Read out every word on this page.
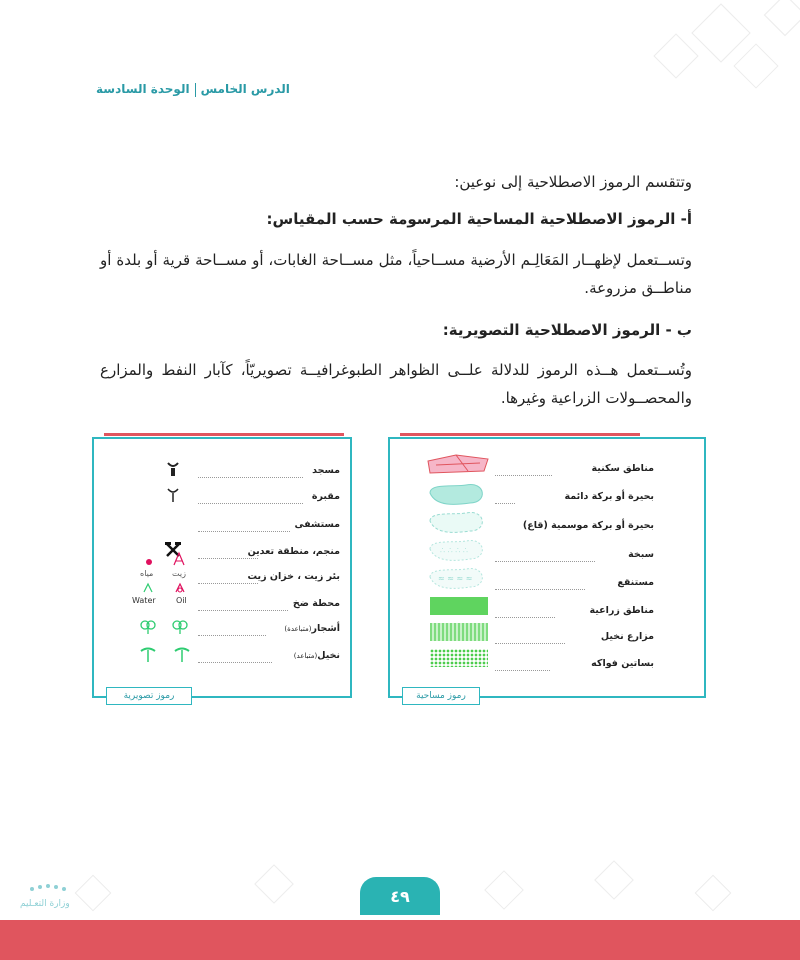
الدرس الخامسالوحدة السادسة
وتتقسم الرموز الاصطلاحية إلى نوعين:
أ- الرموز الاصطلاحية المساحية المرسومة حسب المقياس:
وتســتعمل لإظهــار المَعَالِـم الأرضية مســاحياً، مثل مســاحة الغابات، أو مســاحة قرية أو بلدة أو مناطــق مزروعة.
ب - الرموز الاصطلاحية التصويرية:
وتُســتعمل هــذه الرموز للدلالة علــى الظواهر الطبوغرافيــة تصويريّاً، كآبار النفط والمزارع والمحصــولات الزراعية وغيرها.
مناطق سكنية
بحيرة أو بركة دائمة
بحيرة أو بركة موسمية (قاع)
سبخة
مستنقع
مناطق زراعية
مزارع نخيل
بساتين فواكه
∴ ∴ ∴ ∴
≈ ≈ ≈ ≈
رموز مساحية
مسجد
مقبرة
مستشفى
منجم، منطقة تعدين
بئر زيت ، خزان زيت
محطة ضخ
أشجار(متباعدة)
نخيل(متباعد)
مياه زيت
Water	Oil
رموز تصويرية
٤٩
وزارة التعـليم
